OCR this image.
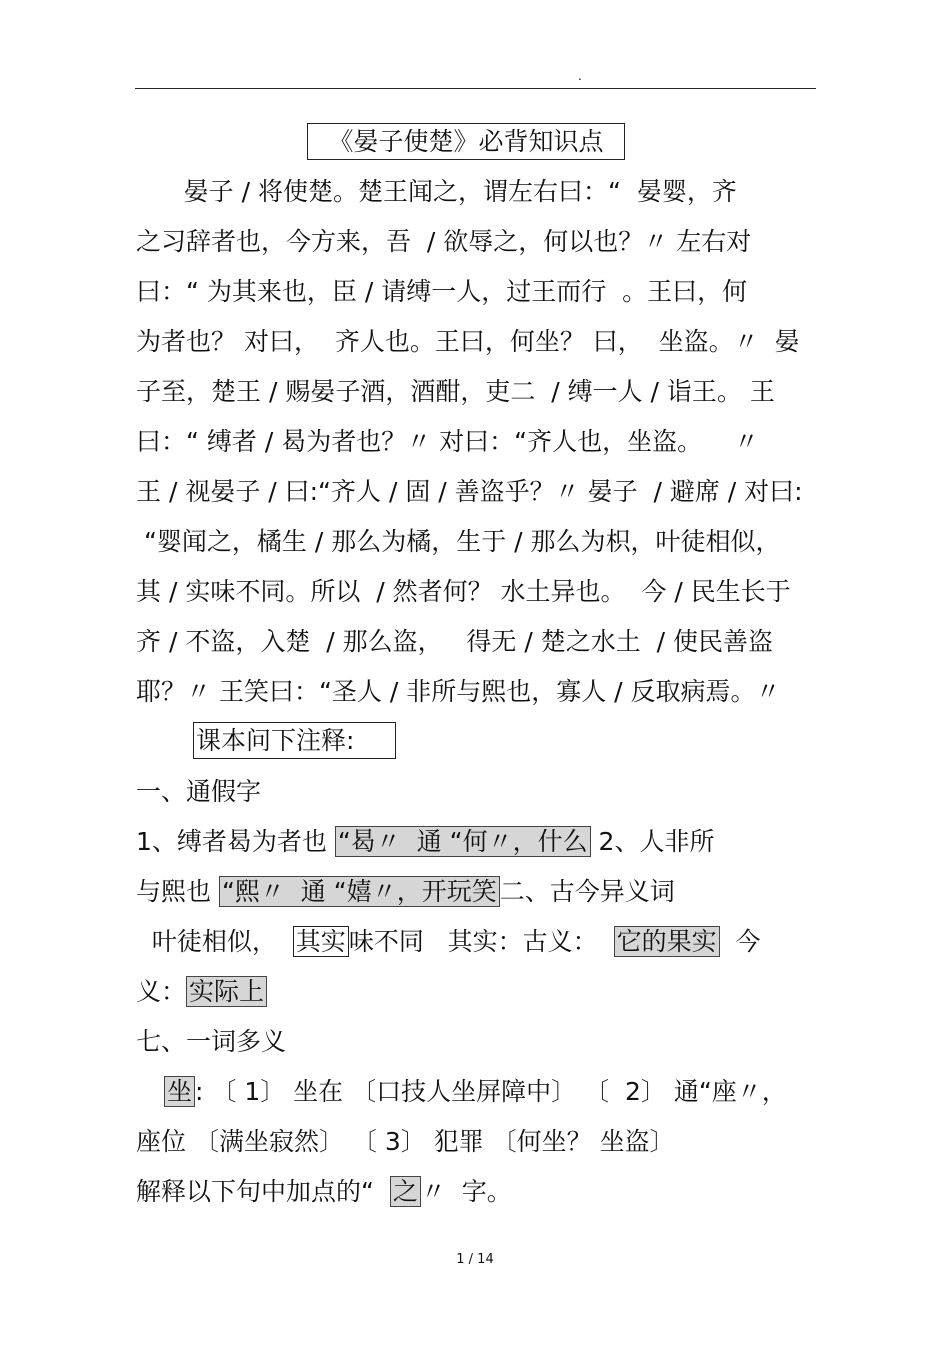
.
《晏子使楚》必背知识点
晏子 / 将使楚。楚王闻之，谓左右曰：“  晏婴，齐
之习辞者也，今方来，吾  / 欲辱之，何以也？〃 左右对
曰：“ 为其来也，臣 / 请缚一人，过王而行  。王曰，何
为者也？ 对曰，  齐人也。王曰，何坐？ 曰，  坐盗。〃  晏
子至，楚王 / 赐晏子酒，酒酣，吏二  / 缚一人 / 诣王。 王
曰：“ 缚者 / 曷为者也？〃 对曰：“齐人也，坐盗。    〃
王 / 视晏子 / 曰:“齐人 / 固 / 善盗乎？〃 晏子  / 避席 / 对曰:
“婴闻之，橘生 / 那么为橘，生于 / 那么为枳，叶徒相似，
其 / 实味不同。所以  / 然者何？ 水土异也。  今 / 民生长于
齐 / 不盗，入楚  / 那么盗，   得无 / 楚之水土  / 使民善盗
耶？〃 王笑曰：“圣人 / 非所与熙也，寡人 / 反取病焉。〃
课本问下注释:
一、通假字
1、缚者曷为者也 “曷〃  通 “何〃，什么 2、人非所
与熙也 “熙〃  通 “嬉〃，开玩笑 二、古今异义词
叶徒相似，  其实 味不同   其实：古义：  它的果实  今
义： 实际上
七、一词多义
坐 : 〔 1〕 坐在 〔口技人坐屏障中〕 〔  2〕 通“座〃，
座位 〔满坐寂然〕 〔 3〕 犯罪 〔何坐？ 坐盗〕
解释以下句中加点的“  之 〃  字。
1 / 14
